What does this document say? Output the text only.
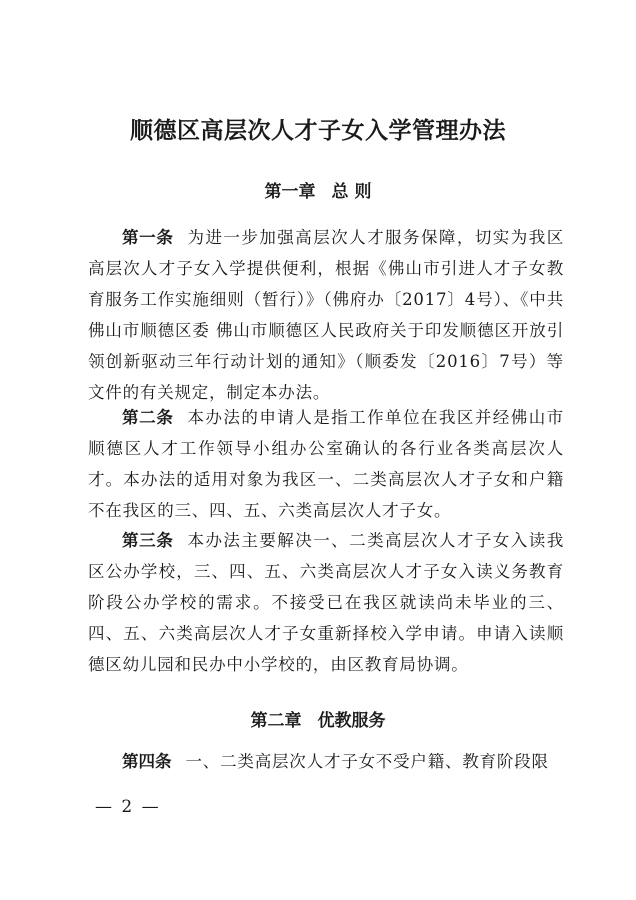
顺德区高层次人才子女入学管理办法
第一章 总 则
第一条 为进一步加强高层次人才服务保障，切实为我区高层次人才子女入学提供便利，根据《佛山市引进人才子女教育服务工作实施细则（暂行）》（佛府办〔2017〕4号）、《中共佛山市顺德区委 佛山市顺德区人民政府关于印发顺德区开放引领创新驱动三年行动计划的通知》（顺委发〔2016〕7号）等文件的有关规定，制定本办法。
第二条 本办法的申请人是指工作单位在我区并经佛山市顺德区人才工作领导小组办公室确认的各行业各类高层次人才。本办法的适用对象为我区一、二类高层次人才子女和户籍不在我区的三、四、五、六类高层次人才子女。
第三条 本办法主要解决一、二类高层次人才子女入读我区公办学校，三、四、五、六类高层次人才子女入读义务教育阶段公办学校的需求。不接受已在我区就读尚未毕业的三、四、五、六类高层次人才子女重新择校入学申请。申请入读顺德区幼儿园和民办中小学校的，由区教育局协调。
第二章 优教服务
第四条 一、二类高层次人才子女不受户籍、教育阶段限
— 2 —
